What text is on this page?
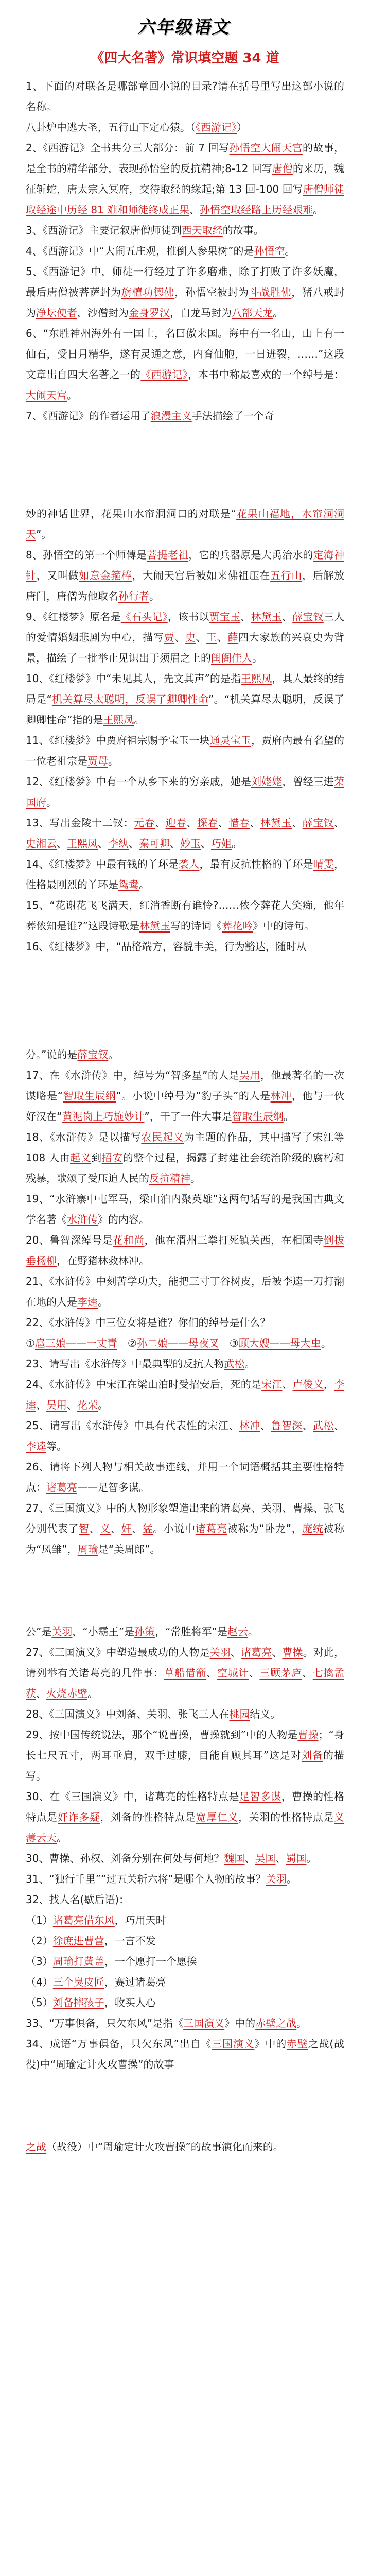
六年级语文
《四大名著》常识填空题 34 道

1、下面的对联各是哪部章回小说的目录?请在括号里写出这部小说的名称。

八卦炉中逃大圣，五行山下定心猿。（《西游记》）

2、《西游记》全书共分三大部分：前 7 回写孙悟空大闹天宫的故事，是全书的精华部分，表现孙悟空的反抗精神;8-12 回写唐僧的来历，魏征斩蛇，唐太宗入冥府，交待取经的缘起;第 13 回-100 回写唐僧师徒取经途中历经 81 难和师徒终成正果、孙悟空取经路上历经艰难。

3、《西游记》主要记叙唐僧师徒到西天取经的故事。

4、《西游记》中“大闹五庄观，推倒人参果树”的是孙悟空。

5、《西游记》中，师徒一行经过了许多磨难，除了打败了许多妖魔，最后唐僧被菩萨封为旃檀功德佛，孙悟空被封为斗战胜佛，猪八戒封为净坛使者，沙僧封为金身罗汉，白龙马封为八部天龙。

6、“东胜神州海外有一国土，名曰傲来国。海中有一名山，山上有一仙石，受日月精华，遂有灵通之意，内育仙胞，一日迸裂，……”这段文章出自四大名著之一的《西游记》，本书中称最喜欢的一个绰号是：大闹天宫。

7、《西游记》的作者运用了浪漫主义手法描绘了一个奇

妙的神话世界，花果山水帘洞洞口的对联是“花果山福地，水帘洞洞天”。

8、孙悟空的第一个师傅是菩提老祖，它的兵器原是大禹治水的定海神针，又叫做如意金箍棒，大闹天宫后被如来佛祖压在五行山，后解放唐门，唐僧为他取名孙行者。

9、《红楼梦》原名是《石头记》，该书以贾宝玉、林黛玉、薛宝钗三人的爱情婚姻悲剧为中心，描写贾、史、王、薛四大家族的兴衰史为背景，描绘了一批举止见识出于须眉之上的闺阁佳人。

10、《红楼梦》中“未见其人，先文其声”的是指王熙凤，其人最终的结局是“机关算尽太聪明，反误了卿卿性命”。“机关算尽太聪明，反误了卿卿性命”指的是王熙凤。

11、《红楼梦》中贾府祖宗赐予宝玉一块通灵宝玉，贾府内最有名望的一位老祖宗是贾母。

12、《红楼梦》中有一个从乡下来的穷亲戚，她是刘姥姥，曾经三进荣国府。

13、写出金陵十二钗：元春、迎春、探春、惜春、林黛玉、薛宝钗、史湘云、王熙凤、李纨、秦可卿、妙玉、巧姐。

14、《红楼梦》中最有钱的丫环是袭人，最有反抗性格的丫环是晴雯，性格最刚烈的丫环是鸳鸯。

15、“花谢花飞飞满天，红消香断有谁怜?……侬今葬花人笑痴，他年葬侬知是谁?”这段诗歌是林黛玉写的诗词《葬花吟》中的诗句。

16、《红楼梦》中，“品格端方，容貌丰美，行为豁达，随时从

分。”说的是薛宝钗。

17、在《水浒传》中，绰号为“智多星”的人是吴用，他最著名的一次谋略是“智取生辰纲”。小说中绰号为“豹子头”的人是林冲，他与一伙好汉在“黄泥岗上巧施妙计”，干了一件大事是智取生辰纲。

18、《水浒传》是以描写农民起义为主题的作品，其中描写了宋江等 108 人由起义到招安的整个过程，揭露了封建社会统治阶级的腐朽和残暴，歌颂了受压迫人民的反抗精神。

19、“水浒寨中屯军马，梁山泊内聚英雄”这两句话写的是我国古典文学名著《水浒传》的内容。

20、鲁智深绰号是花和尚，他在渭州三拳打死镇关西，在相国寺倒拔垂杨柳，在野猪林救林冲。

21、《水浒传》中刻苦学功夫，能把三寸丁谷树皮，后被李逵一刀打翻在地的人是李逵。

22、《水浒传》中三位女将是谁？你们的绰号是什么？

①扈三娘——一丈青　②孙二娘——母夜叉　③顾大嫂——母大虫。

23、请写出《水浒传》中最典型的反抗人物武松。

24、《水浒传》中宋江在梁山泊时受招安后，死的是宋江、卢俊义，李逵、吴用、花荣。

25、请写出《水浒传》中具有代表性的宋江、林冲、鲁智深、武松、李逵等。

26、请将下列人物与相关故事连线，并用一个词语概括其主要性格特点：诸葛亮——足智多谋。

27、《三国演义》中的人物形象塑造出来的诸葛亮、关羽、曹操、张飞分别代表了智、义、奸、猛。小说中诸葛亮被称为“卧龙”，庞统被称为“凤雏”，周瑜是“美周郎”。

公”是关羽，“小霸王”是孙策，“常胜将军”是赵云。

27、《三国演义》中塑造最成功的人物是关羽、诸葛亮、曹操。对此，请列举有关诸葛亮的几件事：草船借箭、空城计、三顾茅庐、七擒孟获、火烧赤壁。

28、《三国演义》中刘备、关羽、张飞三人在桃园结义。

29、按中国传统说法，那个“说曹操，曹操就到”中的人物是曹操；“身长七尺五寸，两耳垂肩，双手过膝，目能自顾其耳”这是对刘备的描写。

30、在《三国演义》中，诸葛亮的性格特点是足智多谋，曹操的性格特点是奸诈多疑，刘备的性格特点是宽厚仁义，关羽的性格特点是义薄云天。

30、曹操、孙权、刘备分别在何处与何地？魏国、吴国、蜀国。

31、“独行千里”“过五关斩六将”是哪个人物的故事？关羽。

32、找人名(歇后语)：

（1）诸葛亮借东风，巧用天时

（2）徐庶进曹营，一言不发

（3）周瑜打黄盖，一个愿打一个愿挨

（4）三个臭皮匠，赛过诸葛亮

（5）刘备摔孩子，收买人心

33、“万事俱备，只欠东风”是指《三国演义》中的赤壁之战。

34、成语“万事俱备，只欠东风”出自《三国演义》中的赤壁之战(战役)中“周瑜定计火攻曹操”的故事

之战（战役）中“周瑜定计火攻曹操”的故事演化而来的。
